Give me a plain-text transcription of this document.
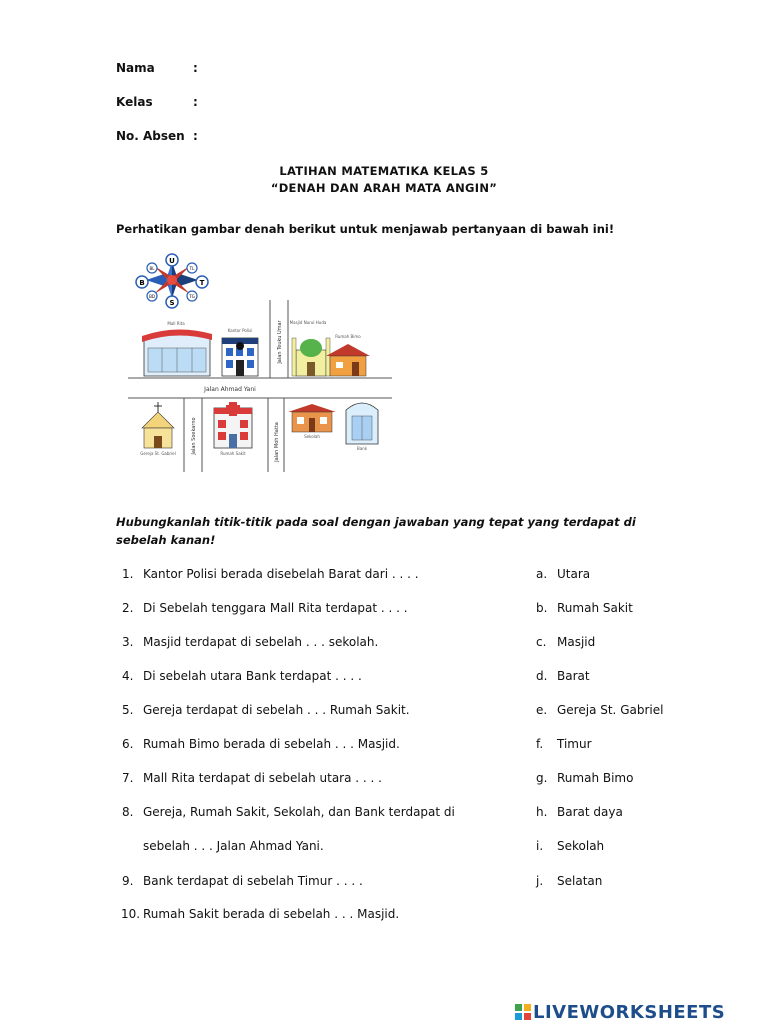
Nama	:
Kelas	:
No. Absen :
LATIHAN MATEMATIKA KELAS 5
“DENAH DAN ARAH MATA ANGIN”
Perhatikan gambar denah berikut untuk menjawab pertanyaan di bawah ini!
U
S
B	T
BL	TL
BD	TG
Jalan Ahmad Yani
Jalan Teuku Umar
Jalan Soekarno	Jalan Moh Hatta
Mall Rita
Kantor Polisi
Masjid Nurul Huda
Rumah Bimo
Gereja St. Gabriel	Rumah Sakit
Sekolah
Bank
Hubungkanlah titik-titik pada soal dengan jawaban yang tepat yang terdapat di sebelah kanan!
1. Kantor Polisi berada disebelah Barat dari . . . .
2. Di Sebelah tenggara Mall Rita terdapat . . . .
3. Masjid terdapat di sebelah . . . sekolah.
4. Di sebelah utara Bank terdapat . . . .
5. Gereja terdapat di sebelah . . . Rumah Sakit.
6. Rumah Bimo berada di sebelah . . . Masjid.
7. Mall Rita terdapat di sebelah utara . . . .
8. Gereja, Rumah Sakit, Sekolah, dan Bank terdapat di
sebelah . . . Jalan Ahmad Yani.
9. Bank terdapat di sebelah Timur . . . .
10. Rumah Sakit berada di sebelah . . . Masjid.
a. Utara
b. Rumah Sakit
c. Masjid
d. Barat
e. Gereja St. Gabriel
f. Timur
g. Rumah Bimo
h. Barat daya
i. Sekolah
j. Selatan
LIVEWORKSHEETS
